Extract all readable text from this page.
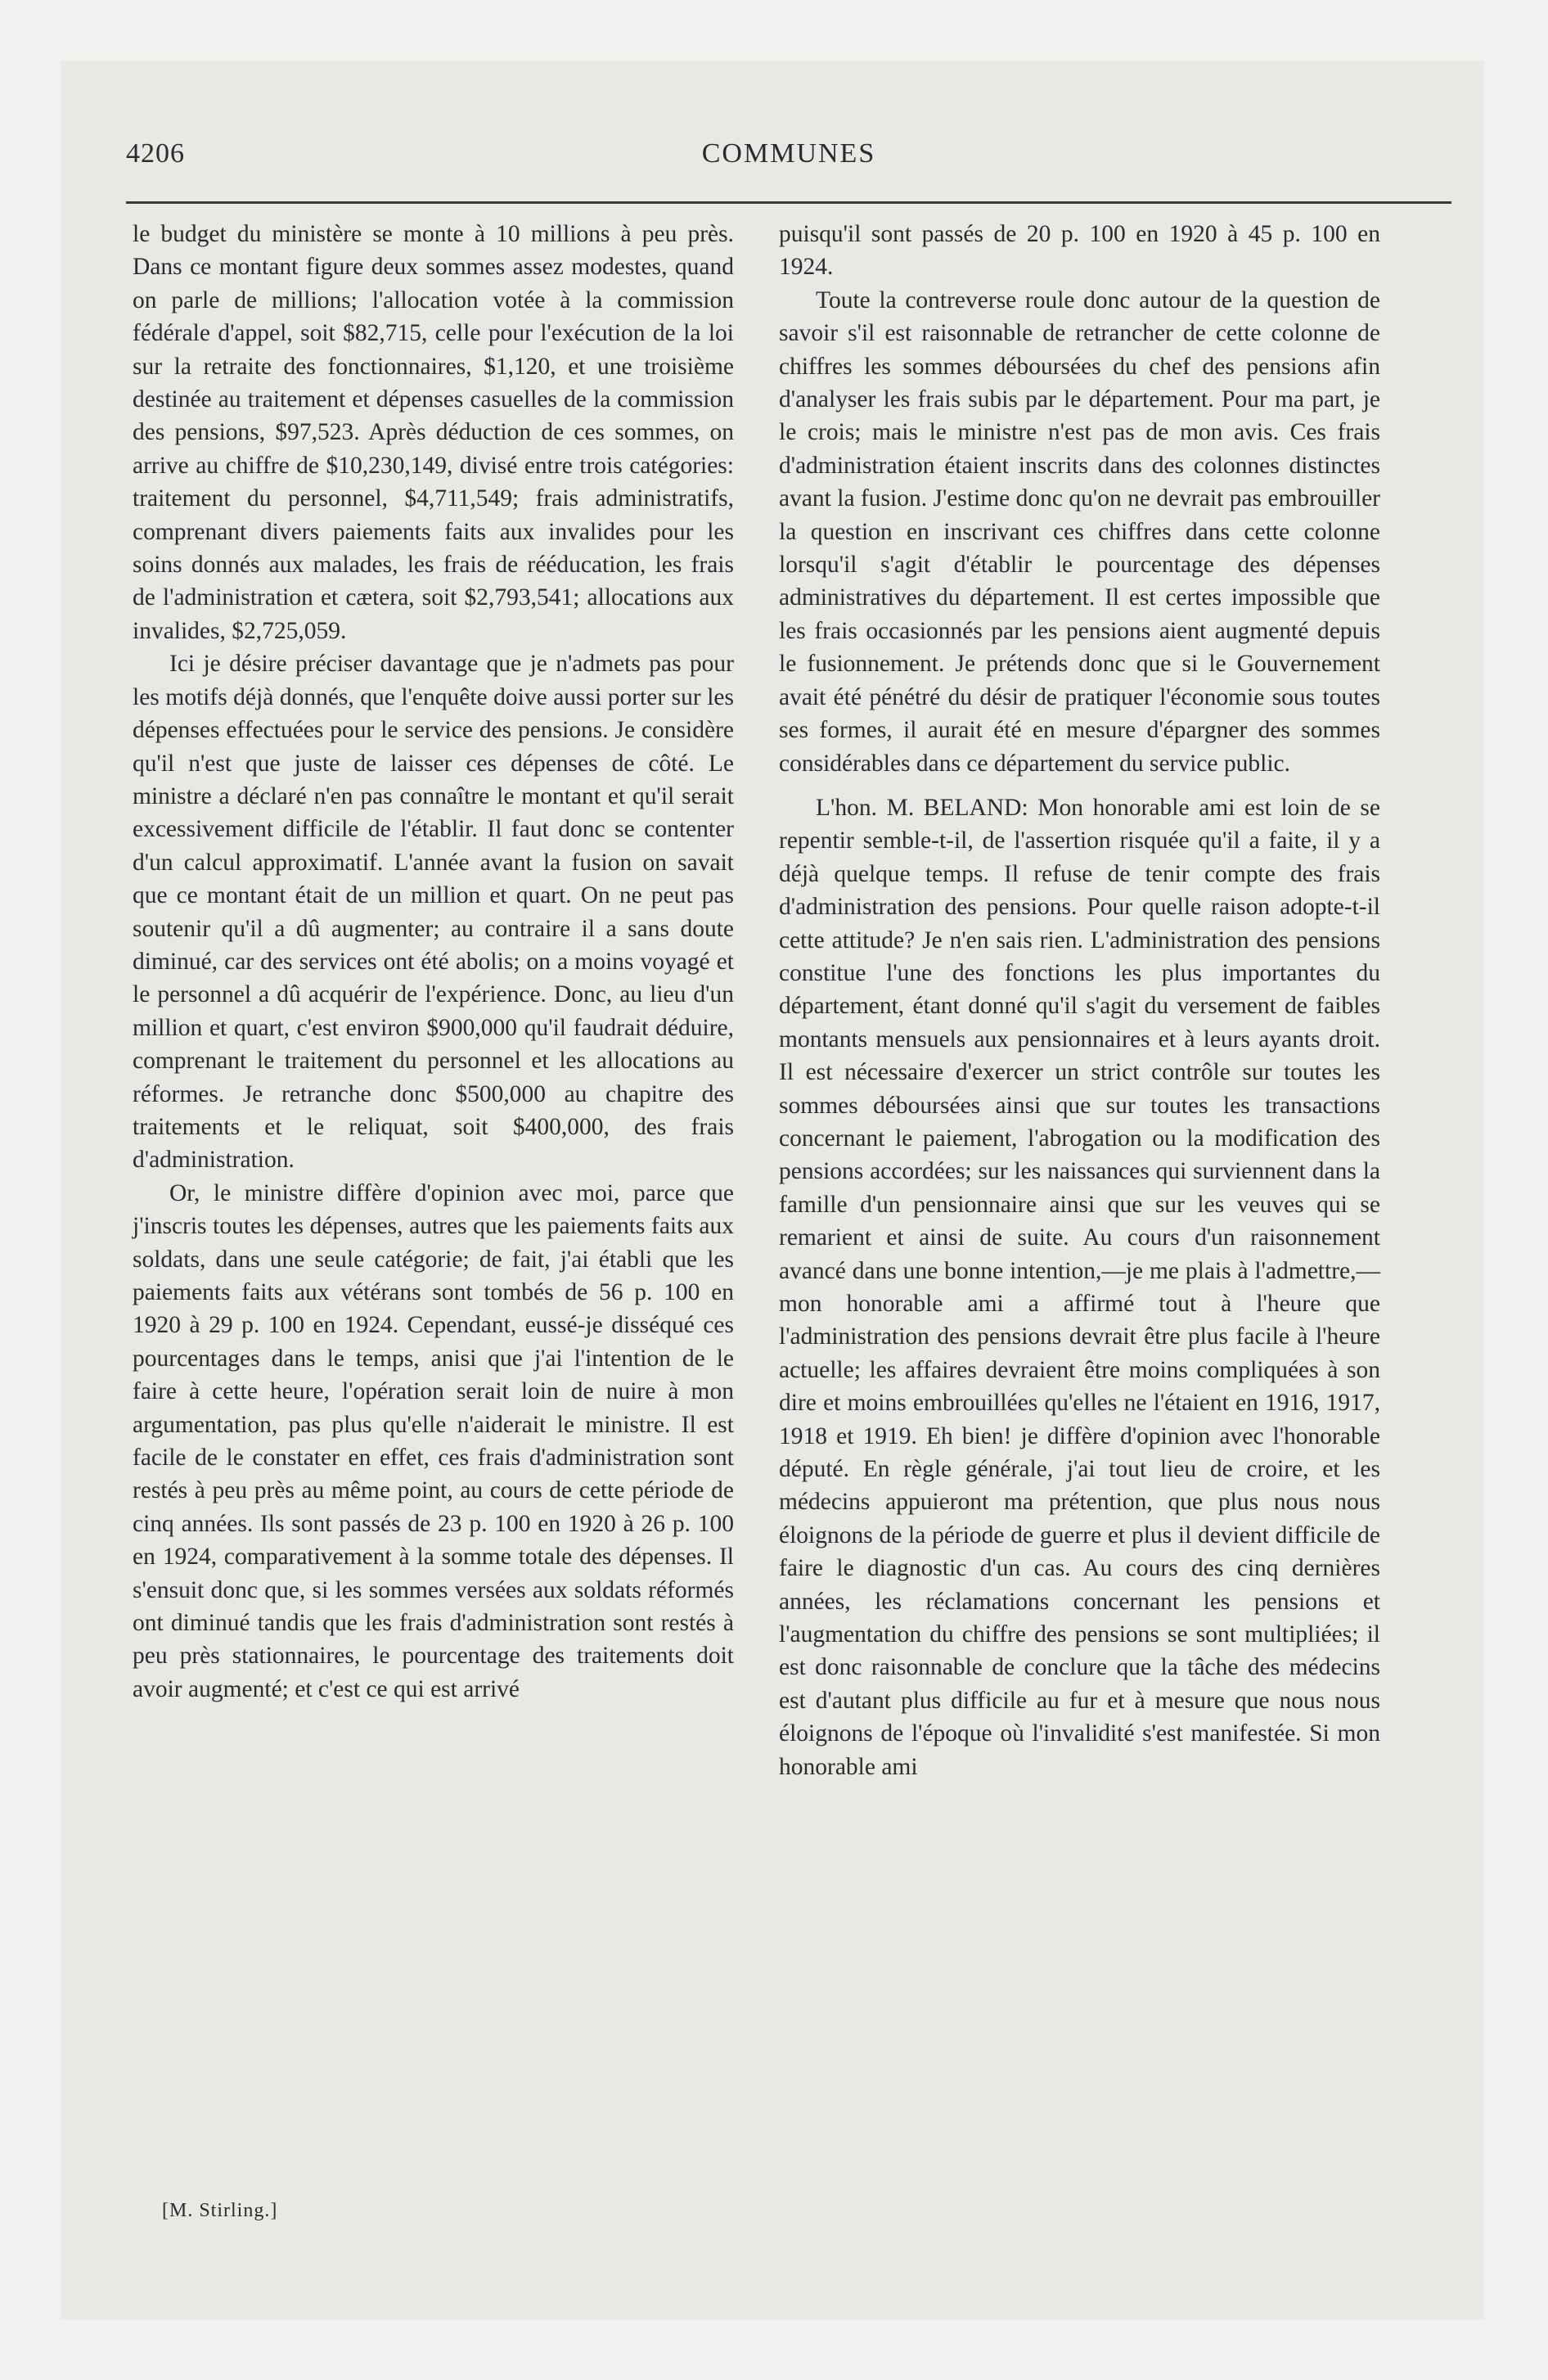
4206	COMMUNES

le budget du ministère se monte à 10 millions à peu près. Dans ce montant figure deux sommes assez modestes, quand on parle de millions; l'allocation votée à la commission fédérale d'appel, soit $82,715, celle pour l'exécution de la loi sur la retraite des fonctionnaires, $1,120, et une troisième destinée au traitement et dépenses casuelles de la commission des pensions, $97,523. Après déduction de ces sommes, on arrive au chiffre de $10,230,149, divisé entre trois catégories: traitement du personnel, $4,711,549; frais administratifs, comprenant divers paiements faits aux invalides pour les soins donnés aux malades, les frais de rééducation, les frais de l'administration et cætera, soit $2,793,541; allocations aux invalides, $2,725,059.

Ici je désire préciser davantage que je n'admets pas pour les motifs déjà donnés, que l'enquête doive aussi porter sur les dépenses effectuées pour le service des pensions. Je considère qu'il n'est que juste de laisser ces dépenses de côté. Le ministre a déclaré n'en pas connaître le montant et qu'il serait excessivement difficile de l'établir. Il faut donc se contenter d'un calcul approximatif. L'année avant la fusion on savait que ce montant était de un million et quart. On ne peut pas soutenir qu'il a dû augmenter; au contraire il a sans doute diminué, car des services ont été abolis; on a moins voyagé et le personnel a dû acquérir de l'expérience. Donc, au lieu d'un million et quart, c'est environ $900,000 qu'il faudrait déduire, comprenant le traitement du personnel et les allocations au réformes. Je retranche donc $500,000 au chapitre des traitements et le reliquat, soit $400,000, des frais d'administration.

Or, le ministre diffère d'opinion avec moi, parce que j'inscris toutes les dépenses, autres que les paiements faits aux soldats, dans une seule catégorie; de fait, j'ai établi que les paiements faits aux vétérans sont tombés de 56 p. 100 en 1920 à 29 p. 100 en 1924. Cependant, eussé-je disséqué ces pourcentages dans le temps, anisi que j'ai l'intention de le faire à cette heure, l'opération serait loin de nuire à mon argumentation, pas plus qu'elle n'aiderait le ministre. Il est facile de le constater en effet, ces frais d'administration sont restés à peu près au même point, au cours de cette période de cinq années. Ils sont passés de 23 p. 100 en 1920 à 26 p. 100 en 1924, comparativement à la somme totale des dépenses. Il s'ensuit donc que, si les sommes versées aux soldats réformés ont diminué tandis que les frais d'administration sont restés à peu près stationnaires, le pourcentage des traitements doit avoir augmenté; et c'est ce qui est arrivé

puisqu'il sont passés de 20 p. 100 en 1920 à 45 p. 100 en 1924.

Toute la contreverse roule donc autour de la question de savoir s'il est raisonnable de retrancher de cette colonne de chiffres les sommes déboursées du chef des pensions afin d'analyser les frais subis par le département. Pour ma part, je le crois; mais le ministre n'est pas de mon avis. Ces frais d'administration étaient inscrits dans des colonnes distinctes avant la fusion. J'estime donc qu'on ne devrait pas embrouiller la question en inscrivant ces chiffres dans cette colonne lorsqu'il s'agit d'établir le pourcentage des dépenses administratives du département. Il est certes impossible que les frais occasionnés par les pensions aient augmenté depuis le fusionnement. Je prétends donc que si le Gouvernement avait été pénétré du désir de pratiquer l'économie sous toutes ses formes, il aurait été en mesure d'épargner des sommes considérables dans ce département du service public.

L'hon. M. BELAND: Mon honorable ami est loin de se repentir semble-t-il, de l'assertion risquée qu'il a faite, il y a déjà quelque temps. Il refuse de tenir compte des frais d'administration des pensions. Pour quelle raison adopte-t-il cette attitude? Je n'en sais rien. L'administration des pensions constitue l'une des fonctions les plus importantes du département, étant donné qu'il s'agit du versement de faibles montants mensuels aux pensionnaires et à leurs ayants droit. Il est nécessaire d'exercer un strict contrôle sur toutes les sommes déboursées ainsi que sur toutes les transactions concernant le paiement, l'abrogation ou la modification des pensions accordées; sur les naissances qui surviennent dans la famille d'un pensionnaire ainsi que sur les veuves qui se remarient et ainsi de suite. Au cours d'un raisonnement avancé dans une bonne intention,—je me plais à l'admettre,—mon honorable ami a affirmé tout à l'heure que l'administration des pensions devrait être plus facile à l'heure actuelle; les affaires devraient être moins compliquées à son dire et moins embrouillées qu'elles ne l'étaient en 1916, 1917, 1918 et 1919. Eh bien! je diffère d'opinion avec l'honorable député. En règle générale, j'ai tout lieu de croire, et les médecins appuieront ma prétention, que plus nous nous éloignons de la période de guerre et plus il devient difficile de faire le diagnostic d'un cas. Au cours des cinq dernières années, les réclamations concernant les pensions et l'augmentation du chiffre des pensions se sont multipliées; il est donc raisonnable de conclure que la tâche des médecins est d'autant plus difficile au fur et à mesure que nous nous éloignons de l'époque où l'invalidité s'est manifestée. Si mon honorable ami

[M. Stirling.]
